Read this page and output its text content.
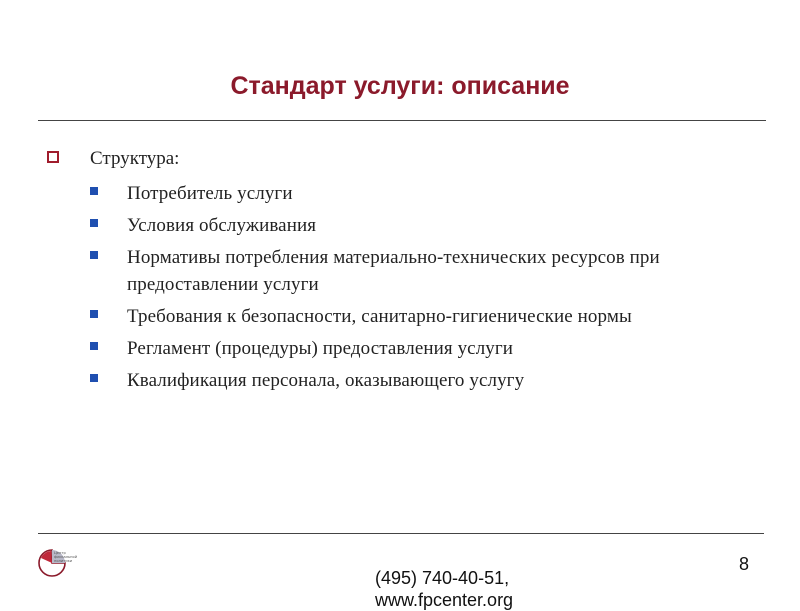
Стандарт услуги: описание
Структура:
Потребитель услуги
Условия обслуживания
Нормативы потребления материально-технических ресурсов при предоставлении услуги
Требования к безопасности, санитарно-гигиенические нормы
Регламент (процедуры) предоставления услуги
Квалификация персонала, оказывающего услугу
Центр
фискальной
политики
(495) 740-40-51,
www.fpcenter.org
8
